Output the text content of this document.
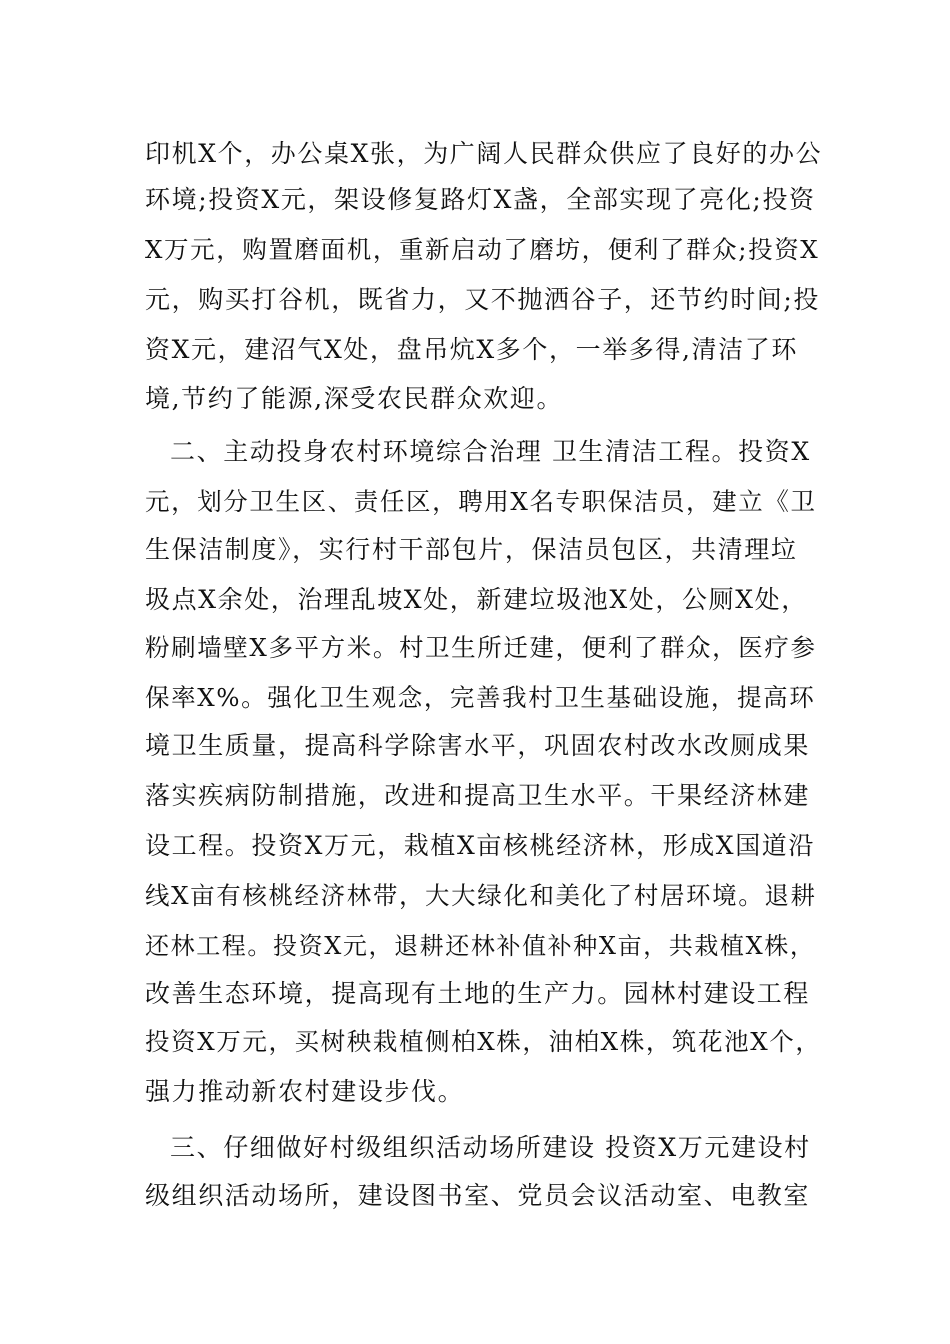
印机X个，办公桌X张，为广阔人民群众供应了良好的办公
环境;投资X元，架设修复路灯X盏，全部实现了亮化;投资
X万元，购置磨面机，重新启动了磨坊，便利了群众;投资X
元，购买打谷机，既省力，又不抛洒谷子，还节约时间;投
资X元，建沼气X处，盘吊炕X多个，一举多得,清洁了环
境,节约了能源,深受农民群众欢迎。
二、主动投身农村环境综合治理 卫生清洁工程。投资X
元，划分卫生区、责任区，聘用X名专职保洁员，建立《卫
生保洁制度》，实行村干部包片，保洁员包区，共清理垃
圾点X余处，治理乱坡X处，新建垃圾池X处，公厕X处，
粉刷墙壁X多平方米。村卫生所迁建，便利了群众，医疗参
保率X%。强化卫生观念，完善我村卫生基础设施，提高环
境卫生质量，提高科学除害水平，巩固农村改水改厕成果
落实疾病防制措施，改进和提高卫生水平。干果经济林建
设工程。投资X万元，栽植X亩核桃经济林，形成X国道沿
线X亩有核桃经济林带，大大绿化和美化了村居环境。退耕
还林工程。投资X元，退耕还林补值补种X亩，共栽植X株，
改善生态环境，提高现有土地的生产力。园林村建设工程
投资X万元，买树秧栽植侧柏X株，油柏X株，筑花池X个，
强力推动新农村建设步伐。
三、仔细做好村级组织活动场所建设 投资X万元建设村
级组织活动场所，建设图书室、党员会议活动室、电教室
